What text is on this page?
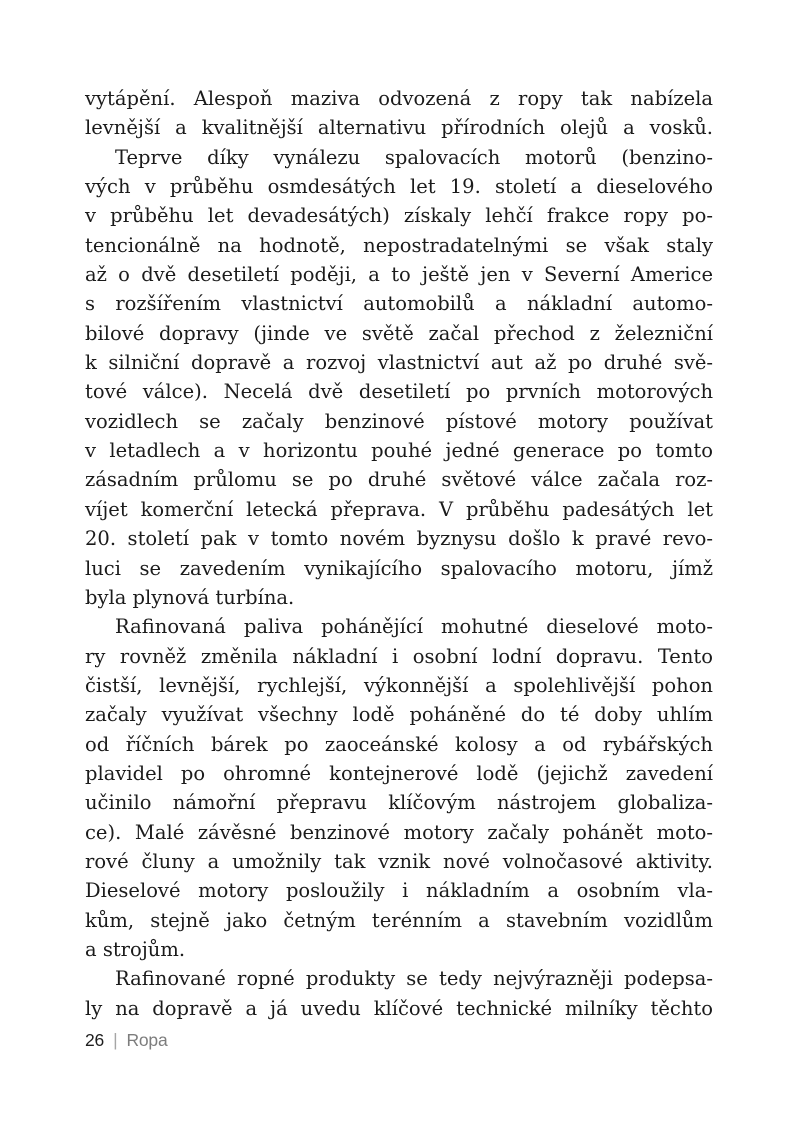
vytápění. Alespoň maziva odvozená z ropy tak nabízela
levnější a kvalitnější alternativu přírodních olejů a vosků.
Teprve díky vynálezu spalovacích motorů (benzino-
vých v průběhu osmdesátých let 19. století a dieselového
v průběhu let devadesátých) získaly lehčí frakce ropy po-
tencionálně na hodnotě, nepostradatelnými se však staly
až o dvě desetiletí poději, a to ještě jen v Severní Americe
s rozšířením vlastnictví automobilů a nákladní automo-
bilové dopravy (jinde ve světě začal přechod z železniční
k silniční dopravě a rozvoj vlastnictví aut až po druhé svě-
tové válce). Necelá dvě desetiletí po prvních motorových
vozidlech se začaly benzinové pístové motory používat
v letadlech a v horizontu pouhé jedné generace po tomto
zásadním průlomu se po druhé světové válce začala roz-
víjet komerční letecká přeprava. V průběhu padesátých let
20. století pak v tomto novém byznysu došlo k pravé revo-
luci se zavedením vynikajícího spalovacího motoru, jímž
byla plynová turbína.
Rafinovaná paliva pohánějící mohutné dieselové moto-
ry rovněž změnila nákladní i osobní lodní dopravu. Tento
čistší, levnější, rychlejší, výkonnější a spolehlivější pohon
začaly využívat všechny lodě poháněné do té doby uhlím
od říčních bárek po zaoceánské kolosy a od rybářských
plavidel po ohromné kontejnerové lodě (jejichž zavedení
učinilo námořní přepravu klíčovým nástrojem globaliza-
ce). Malé závěsné benzinové motory začaly pohánět moto-
rové čluny a umožnily tak vznik nové volnočasové aktivity.
Dieselové motory posloužily i nákladním a osobním vla-
kům, stejně jako četným terénním a stavebním vozidlům
a strojům.
Rafinované ropné produkty se tedy nejvýrazněji podepsa-
ly na dopravě a já uvedu klíčové technické milníky těchto
26 | Ropa
